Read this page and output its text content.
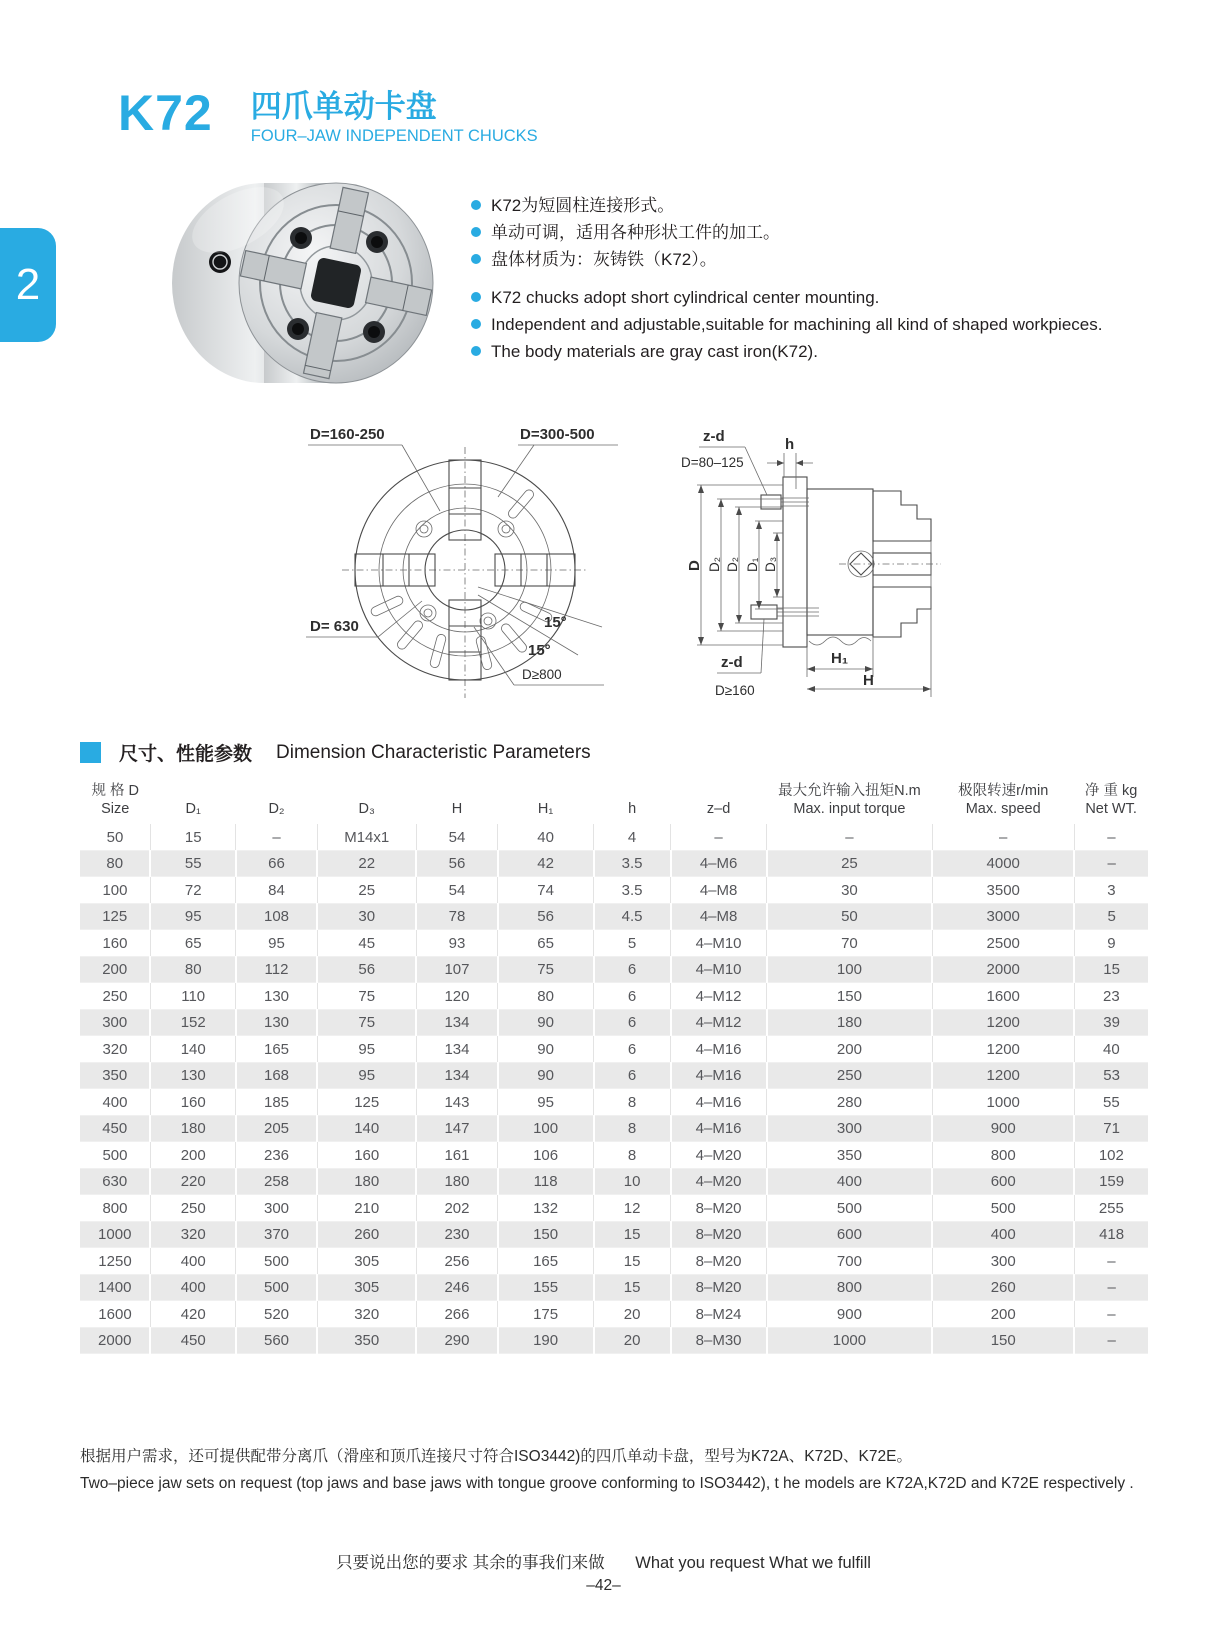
2
K72 四爪单动卡盘
FOUR–JAW INDEPENDENT CHUCKS
K72为短圆柱连接形式。
单动可调，适用各种形状工件的加工。
盘体材质为：灰铸铁（K72）。
K72 chucks adopt short cylindrical center mounting.
Independent and adjustable,suitable for machining all kind of shaped workpieces.
The body materials are gray cast iron(K72).
D=160-250	D=300-500
D= 630	15°
15°
D≥800
D D₂ D₂ D₁ D₃
h
z-d
D=80–125
z-d
D≥160
H₁
H
尺寸、性能参数 Dimension Characteristic Parameters
规 格 D
Size	D₁	D₂	D₃	H	H₁	h	z–d

最大允许输入扭矩N.m
Max. input torque

极限转速r/min
Max. speed

净 重 kg
Net WT.

50	15	–	M14x1	54	40	4	–	–	–	–
80	55	66	22	56	42	3.5	4–M6	25	4000	–
100	72	84	25	54	74	3.5	4–M8	30	3500	3
125	95	108	30	78	56	4.5	4–M8	50	3000	5
160	65	95	45	93	65	5	4–M10	70	2500	9
200	80	112	56	107	75	6	4–M10	100	2000	15
250	110	130	75	120	80	6	4–M12	150	1600	23
300	152	130	75	134	90	6	4–M12	180	1200	39
320	140	165	95	134	90	6	4–M16	200	1200	40
350	130	168	95	134	90	6	4–M16	250	1200	53
400	160	185	125	143	95	8	4–M16	280	1000	55
450	180	205	140	147	100	8	4–M16	300	900	71
500	200	236	160	161	106	8	4–M20	350	800	102
630	220	258	180	180	118	10	4–M20	400	600	159
800	250	300	210	202	132	12	8–M20	500	500	255
1000	320	370	260	230	150	15	8–M20	600	400	418
1250	400	500	305	256	165	15	8–M20	700	300	–
1400	400	500	305	246	155	15	8–M20	800	260	–
1600	420	520	320	266	175	20	8–M24	900	200	–
2000	450	560	350	290	190	20	8–M30	1000	150	–
根据用户需求，还可提供配带分离爪（滑座和顶爪连接尺寸符合ISO3442)的四爪单动卡盘，型号为K72A、K72D、K72E。
Two–piece jaw sets on request (top jaws and base jaws with tongue groove conforming to ISO3442), t he models are K72A,K72D and K72E respectively .
只要说出您的要求 其余的事我们来做 What you request What we fulfill
–42–
